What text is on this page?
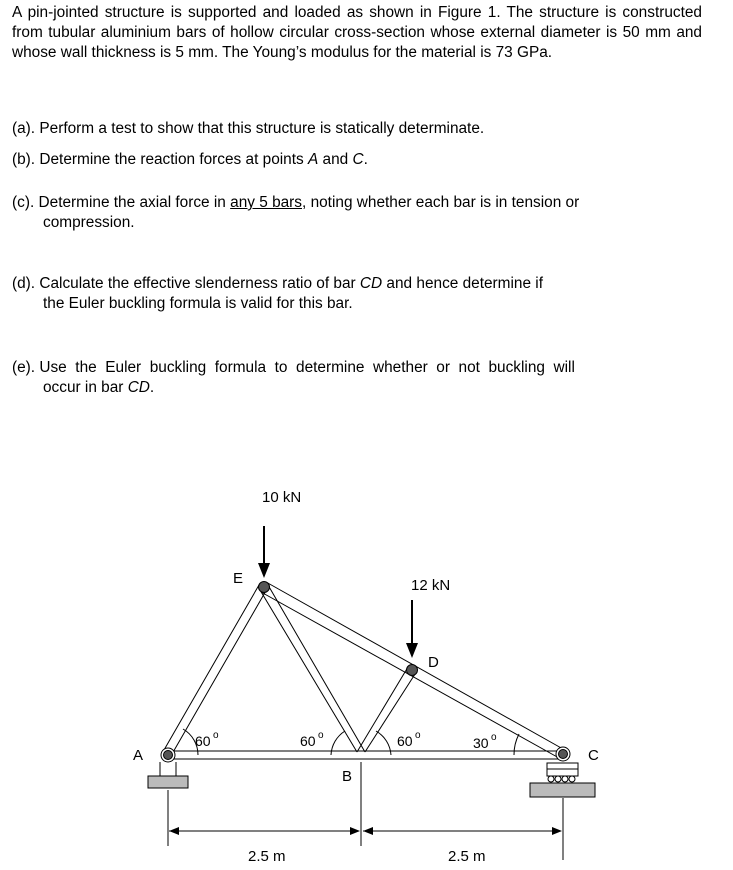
A pin-jointed structure is supported and loaded as shown in Figure 1. The structure is constructed from tubular aluminium bars of hollow circular cross-section whose external diameter is 50 mm and whose wall thickness is 5 mm. The Young’s modulus for the material is 73 GPa.

(a). Perform a test to show that this structure is statically determinate.

(b). Determine the reaction forces at points A and C.

(c). Determine the axial force in any 5 bars, noting whether each bar is in tension or
compression.

(d). Calculate the effective slenderness ratio of bar CD and hence determine if
the Euler buckling formula is valid for this bar.

(e). Use  the  Euler  buckling  formula  to  determine  whether  or  not  buckling  will
occur in bar CD.

10 kN
12 kN
A
B
C
D
E
60 o	60 o	60 o	30 o
2.5 m	2.5 m
